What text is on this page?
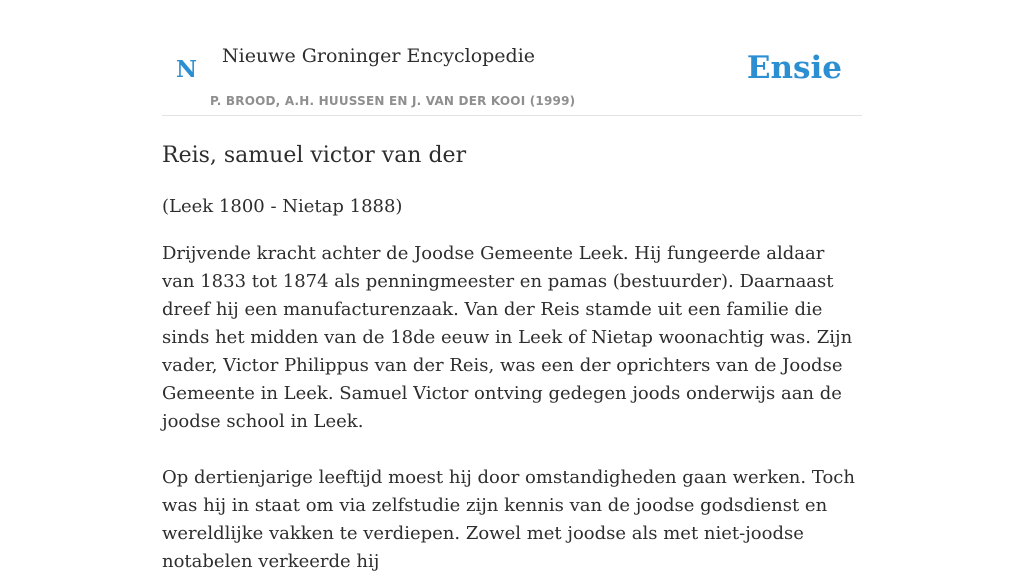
N Nieuwe Groninger Encyclopedie
P. BROOD, A.H. HUUSSEN EN J. VAN DER KOOI (1999)
Ensie
Reis, samuel victor van der

(Leek 1800 - Nietap 1888)

Drijvende kracht achter de Joodse Gemeente Leek. Hij fungeerde aldaar van 1833 tot 1874 als penningmeester en pamas (bestuurder). Daarnaast dreef hij een manufacturenzaak. Van der Reis stamde uit een familie die sinds het midden van de 18de eeuw in Leek of Nietap woonachtig was. Zijn vader, Victor Philippus van der Reis, was een der oprichters van de Joodse Gemeente in Leek. Samuel Victor ontving gedegen joods onderwijs aan de joodse school in Leek.

Op dertienjarige leeftijd moest hij door omstandigheden gaan werken. Toch was hij in staat om via zelfstudie zijn kennis van de joodse godsdienst en wereldlijke vakken te verdiepen. Zowel met joodse als met niet-joodse notabelen verkeerde hij
